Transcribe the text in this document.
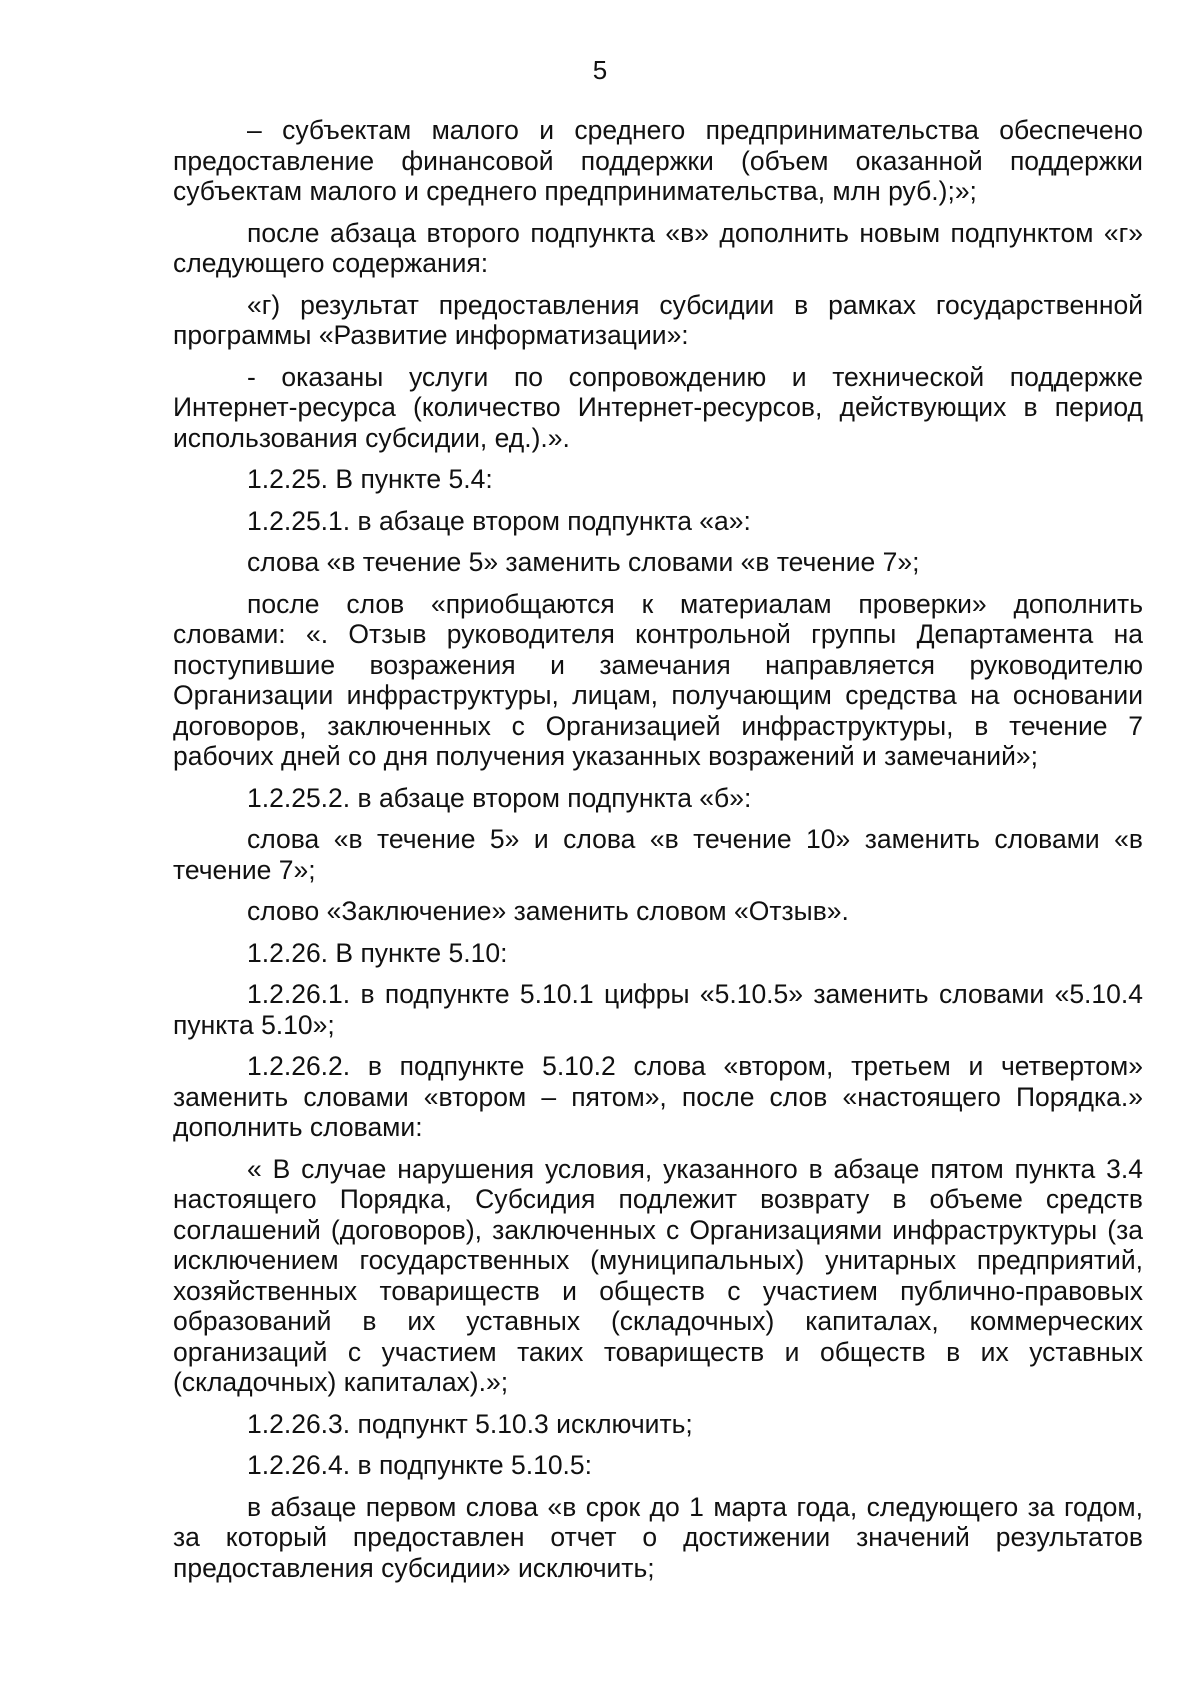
5

– субъектам малого и среднего предпринимательства обеспечено предоставление финансовой поддержки (объем оказанной поддержки субъектам малого и среднего предпринимательства, млн руб.);»;

после абзаца второго подпункта «в» дополнить новым подпунктом «г» следующего содержания:

«г) результат предоставления субсидии в рамках государственной программы «Развитие информатизации»:

- оказаны услуги по сопровождению и технической поддержке Интернет-ресурса (количество Интернет-ресурсов, действующих в период использования субсидии, ед.).».

1.2.25. В пункте 5.4:

1.2.25.1. в абзаце втором подпункта «а»:

слова «в течение 5» заменить словами «в течение 7»;

после слов «приобщаются к материалам проверки» дополнить словами: «. Отзыв руководителя контрольной группы Департамента на поступившие возражения и замечания направляется руководителю Организации инфраструктуры, лицам, получающим средства на основании договоров, заключенных с Организацией инфраструктуры, в течение 7 рабочих дней со дня получения указанных возражений и замечаний»;

1.2.25.2. в абзаце втором подпункта «б»:

слова «в течение 5» и слова «в течение 10» заменить словами «в течение 7»;

слово «Заключение» заменить словом «Отзыв».

1.2.26. В пункте 5.10:

1.2.26.1. в подпункте 5.10.1 цифры «5.10.5» заменить словами «5.10.4 пункта 5.10»;

1.2.26.2. в подпункте 5.10.2 слова «втором, третьем и четвертом» заменить словами «втором – пятом», после слов «настоящего Порядка.» дополнить словами:

« В случае нарушения условия, указанного в абзаце пятом пункта 3.4 настоящего Порядка, Субсидия подлежит возврату в объеме средств соглашений (договоров), заключенных с Организациями инфраструктуры (за исключением государственных (муниципальных) унитарных предприятий, хозяйственных товариществ и обществ с участием публично-правовых образований в их уставных (складочных) капиталах, коммерческих организаций с участием таких товариществ и обществ в их уставных (складочных) капиталах).»;

1.2.26.3. подпункт 5.10.3 исключить;

1.2.26.4. в подпункте 5.10.5:

в абзаце первом слова «в срок до 1 марта года, следующего за годом, за который предоставлен отчет о достижении значений результатов предоставления субсидии» исключить;
